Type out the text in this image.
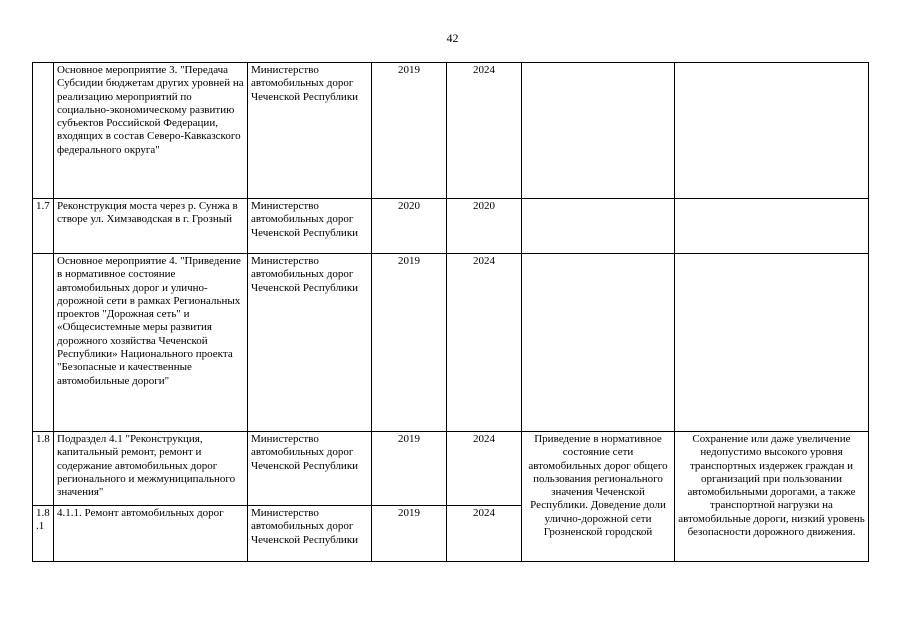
42
	Основное мероприятие 3. "Передача Субсидии бюджетам других уровней на реализацию мероприятий по социально-экономическому развитию субъектов Российской Федерации, входящих в состав Северо-Кавказского федерального округа"	Министерство автомобильных дорог Чеченской Республики	2019	2024		
1.7	Реконструкция моста через р. Сунжа в створе ул. Химзаводская в г. Грозный	Министерство автомобильных дорог Чеченской Республики	2020	2020		
	Основное мероприятие 4. "Приведение в нормативное состояние автомобильных дорог и улично-дорожной сети в рамках Региональных проектов "Дорожная сеть" и «Общесистемные меры развития дорожного хозяйства Чеченской Республики» Национального проекта "Безопасные и качественные автомобильные дороги"	Министерство автомобильных дорог Чеченской Республики	2019	2024		
1.8	Подраздел 4.1 "Реконструкция, капитальный ремонт, ремонт и содержание автомобильных дорог регионального и межмуниципального значения"	Министерство автомобильных дорог Чеченской Республики	2019	2024	Приведение в нормативное состояние сети автомобильных дорог общего пользования регионального значения Чеченской Республики. Доведение доли улично-дорожной сети Грозненской городской	Сохранение или даже увеличение недопустимо высокого уровня транспортных издержек граждан и организаций при пользовании автомобильными дорогами, а также транспортной нагрузки на автомобильные дороги, низкий уровень безопасности дорожного движения.
1.8 .1	4.1.1. Ремонт автомобильных дорог	Министерство автомобильных дорог Чеченской Республики	2019	2024		
